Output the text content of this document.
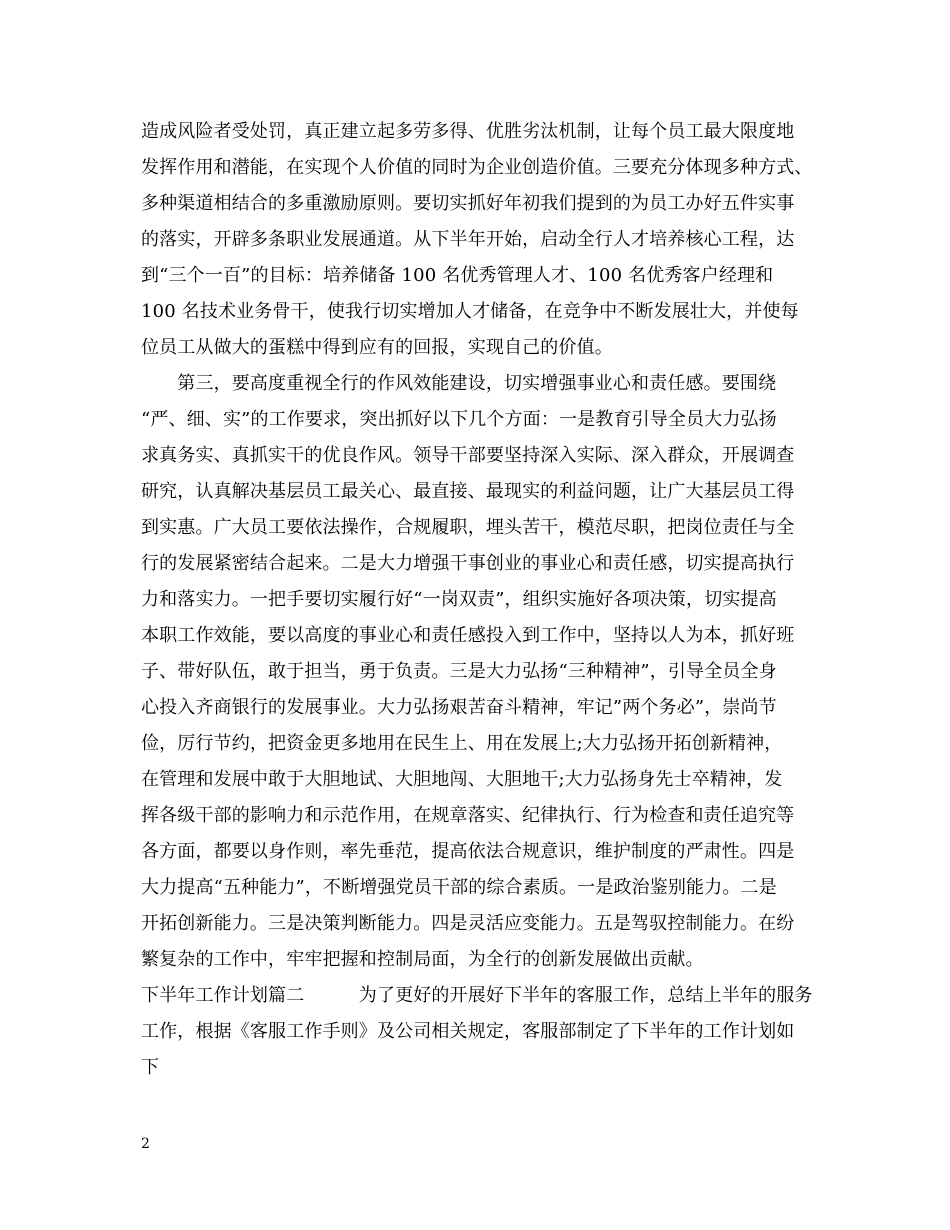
造成风险者受处罚，真正建立起多劳多得、优胜劣汰机制，让每个员工最大限度地
发挥作用和潜能，在实现个人价值的同时为企业创造价值。三要充分体现多种方式、
多种渠道相结合的多重激励原则。要切实抓好年初我们提到的为员工办好五件实事
的落实，开辟多条职业发展通道。从下半年开始，启动全行人才培养核心工程，达
到“三个一百”的目标：培养储备 100 名优秀管理人才、100 名优秀客户经理和
100 名技术业务骨干，使我行切实增加人才储备，在竞争中不断发展壮大，并使每
位员工从做大的蛋糕中得到应有的回报，实现自己的价值。
　　第三，要高度重视全行的作风效能建设，切实增强事业心和责任感。要围绕
“严、细、实”的工作要求，突出抓好以下几个方面：一是教育引导全员大力弘扬
求真务实、真抓实干的优良作风。领导干部要坚持深入实际、深入群众，开展调查
研究，认真解决基层员工最关心、最直接、最现实的利益问题，让广大基层员工得
到实惠。广大员工要依法操作，合规履职，埋头苦干，模范尽职，把岗位责任与全
行的发展紧密结合起来。二是大力增强干事创业的事业心和责任感，切实提高执行
力和落实力。一把手要切实履行好“一岗双责”，组织实施好各项决策，切实提高
本职工作效能，要以高度的事业心和责任感投入到工作中，坚持以人为本，抓好班
子、带好队伍，敢于担当，勇于负责。三是大力弘扬“三种精神”，引导全员全身
心投入齐商银行的发展事业。大力弘扬艰苦奋斗精神，牢记”两个务必”，崇尚节
俭，厉行节约，把资金更多地用在民生上、用在发展上;大力弘扬开拓创新精神，
在管理和发展中敢于大胆地试、大胆地闯、大胆地干;大力弘扬身先士卒精神，发
挥各级干部的影响力和示范作用，在规章落实、纪律执行、行为检查和责任追究等
各方面，都要以身作则，率先垂范，提高依法合规意识，维护制度的严肃性。四是
大力提高“五种能力”，不断增强党员干部的综合素质。一是政治鉴别能力。二是
开拓创新能力。三是决策判断能力。四是灵活应变能力。五是驾驭控制能力。在纷
繁复杂的工作中，牢牢把握和控制局面，为全行的创新发展做出贡献。
下半年工作计划篇二　　　为了更好的开展好下半年的客服工作，总结上半年的服务
工作，根据《客服工作手则》及公司相关规定，客服部制定了下半年的工作计划如
下
2
